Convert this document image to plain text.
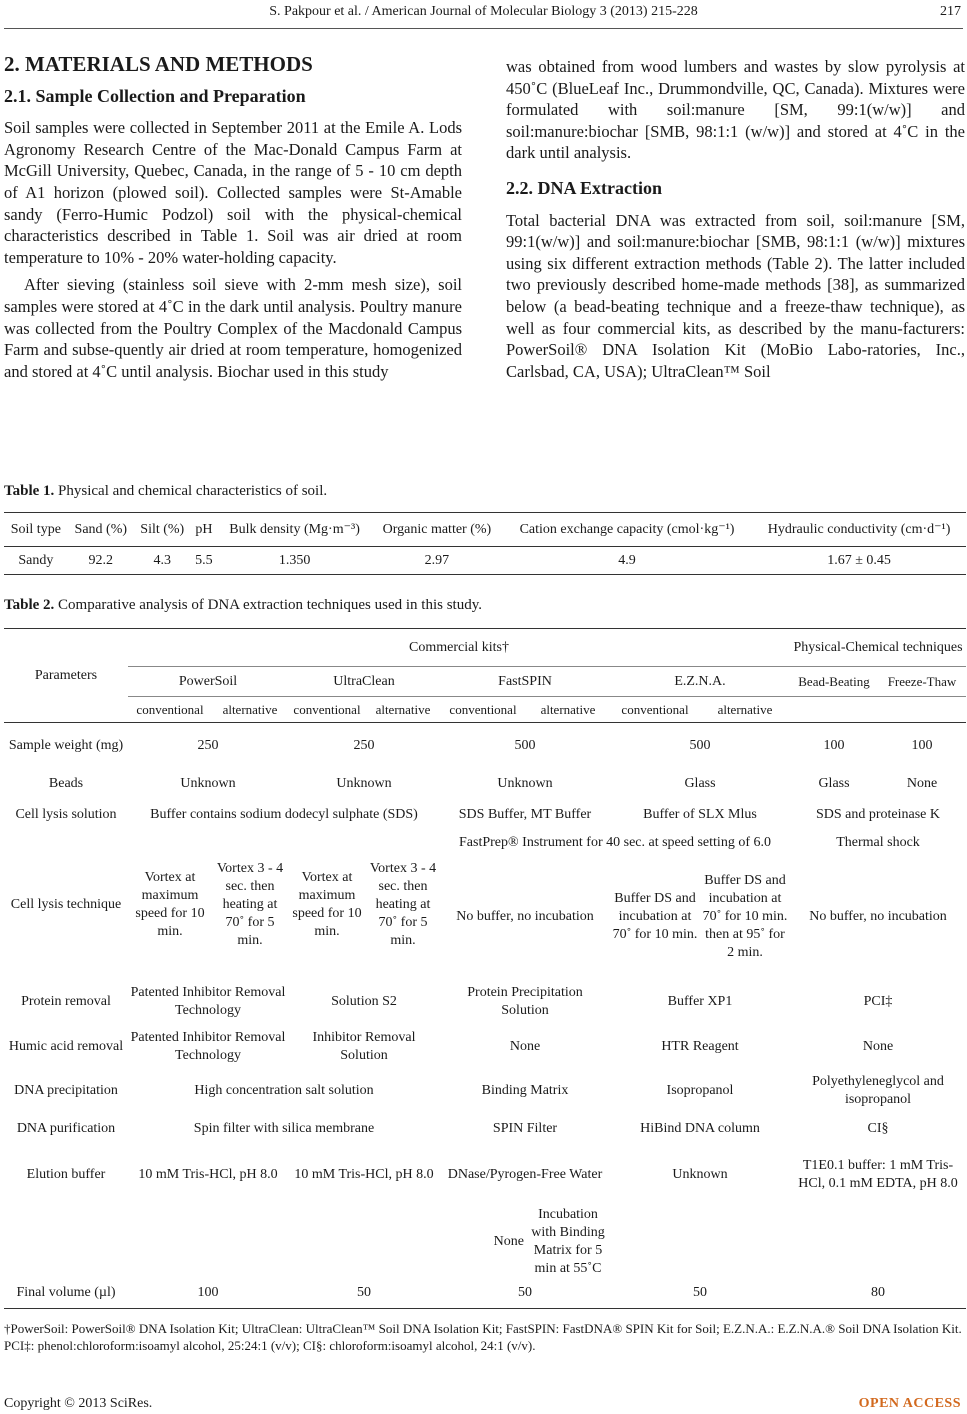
S. Pakpour et al. / American Journal of Molecular Biology 3 (2013) 215-228	217
2. MATERIALS AND METHODS
2.1. Sample Collection and Preparation

Soil samples were collected in September 2011 at the Emile A. Lods Agronomy Research Centre of the Mac-Donald Campus Farm at McGill University, Quebec, Canada, in the range of 5 - 10 cm depth of A1 horizon (plowed soil). Collected samples were St-Amable sandy (Ferro-Humic Podzol) soil with the physical-chemical characteristics described in Table 1. Soil was air dried at room temperature to 10% - 20% water-holding capacity.

After sieving (stainless soil sieve with 2-mm mesh size), soil samples were stored at 4˚C in the dark until analysis. Poultry manure was collected from the Poultry Complex of the Macdonald Campus Farm and subse-quently air dried at room temperature, homogenized and stored at 4˚C until analysis. Biochar used in this study

was obtained from wood lumbers and wastes by slow pyrolysis at 450˚C (BlueLeaf Inc., Drummondville, QC, Canada). Mixtures were formulated with soil:manure [SM, 99:1(w/w)] and soil:manure:biochar [SMB, 98:1:1 (w/w)] and stored at 4˚C in the dark until analysis.

2.2. DNA Extraction

Total bacterial DNA was extracted from soil, soil:manure [SM, 99:1(w/w)] and soil:manure:biochar [SMB, 98:1:1 (w/w)] mixtures using six different extraction methods (Table 2). The latter included two previously described home-made methods [38], as summarized below (a bead-beating technique and a freeze-thaw technique), as well as four commercial kits, as described by the manu-facturers: PowerSoil® DNA Isolation Kit (MoBio Labo-ratories, Inc., Carlsbad, CA, USA); UltraClean™ Soil

Table 1. Physical and chemical characteristics of soil.
Soil type	Sand (%)	Silt (%)	pH	Bulk density (Mg·m⁻³)	Organic matter (%)	Cation exchange capacity (cmol·kg⁻¹)	Hydraulic conductivity (cm·d⁻¹)
Sandy	92.2	4.3	5.5	1.350	2.97	4.9	1.67 ± 0.45
Table 2. Comparative analysis of DNA extraction techniques used in this study.
Parameters	Commercial kits†								Physical-Chemical techniques	
	PowerSoil		UltraClean		FastSPIN		E.Z.N.A.		Bead-Beating	Freeze-Thaw
	conventional	alternative	conventional	alternative	conventional	alternative	conventional	alternative		
Sample weight (mg)	250		250		500		500		100	100
Beads	Unknown		Unknown		Unknown		Glass		Glass	None
Cell lysis solution	Buffer contains sodium dodecyl sulphate (SDS)				SDS Buffer, MT Buffer		Buffer of SLX Mlus		SDS and proteinase K	
Cell lysis technique	Vortex at maximum speed for 10 min.	Vortex 3 - 4 sec. then heating at 70˚ for 5 min.	Vortex at maximum speed for 10 min.	Vortex 3 - 4 sec. then heating at 70˚ for 5 min.	FastPrep® Instrument for 40 sec. at speed setting of 6.0				Thermal shock	
					No buffer, no incubation		Buffer DS and incubation at 70˚ for 10 min.	Buffer DS and incubation at 70˚ for 10 min. then at 95˚ for 2 min.	No buffer, no incubation	
Protein removal	Patented Inhibitor Removal Technology		Solution S2		Protein Precipitation Solution		Buffer XP1		PCI‡	
Humic acid removal	Patented Inhibitor Removal Technology		Inhibitor Removal Solution		None		HTR Reagent		None	
DNA precipitation	High concentration salt solution				Binding Matrix		Isopropanol		Polyethyleneglycol and isopropanol	
DNA purification	Spin filter with silica membrane				SPIN Filter		HiBind DNA column		CI§	
Elution buffer	10 mM Tris-HCl, pH 8.0		10 mM Tris-HCl, pH 8.0		DNase/Pyrogen-Free Water		Unknown		T1E0.1 buffer: 1 mM Tris-HCl, 0.1 mM EDTA, pH 8.0	
					None	Incubation with Binding Matrix for 5 min at 55˚C				
Final volume (µl)	100		50		50		50		80	
†PowerSoil: PowerSoil® DNA Isolation Kit; UltraClean: UltraClean™ Soil DNA Isolation Kit; FastSPIN: FastDNA® SPIN Kit for Soil; E.Z.N.A.: E.Z.N.A.® Soil DNA Isolation Kit. PCI‡: phenol:chloroform:isoamyl alcohol, 25:24:1 (v/v); CI§: chloroform:isoamyl alcohol, 24:1 (v/v).
Copyright © 2013 SciRes.	OPEN ACCESS
